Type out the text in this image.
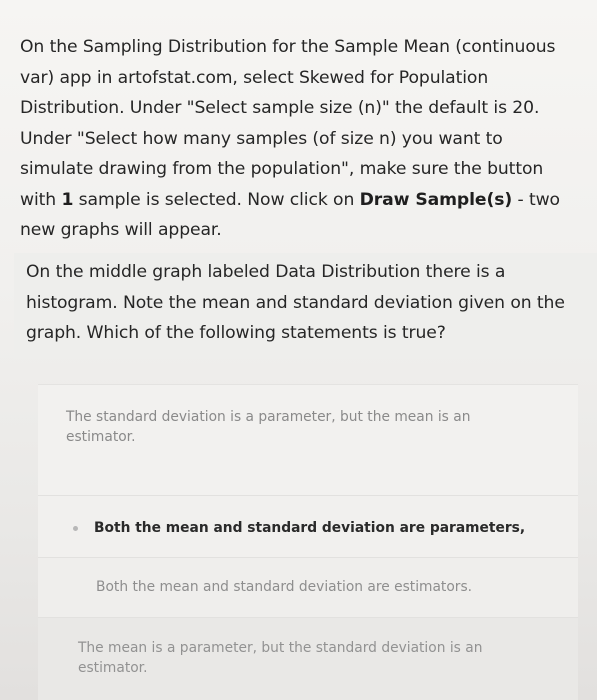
On the Sampling Distribution for the Sample Mean (continuous var) app in artofstat.com, select Skewed for Population Distribution. Under "Select sample size (n)" the default is 20. Under "Select how many samples (of size n) you want to simulate drawing from the population", make sure the button with 1 sample is selected. Now click on Draw Sample(s) - two new graphs will appear.
On the middle graph labeled Data Distribution there is a histogram. Note the mean and standard deviation given on the graph. Which of the following statements is true?
The standard deviation is a parameter, but the mean is an estimator.
Both the mean and standard deviation are parameters,
Both the mean and standard deviation are estimators.
The mean is a parameter, but the standard deviation is an estimator.
